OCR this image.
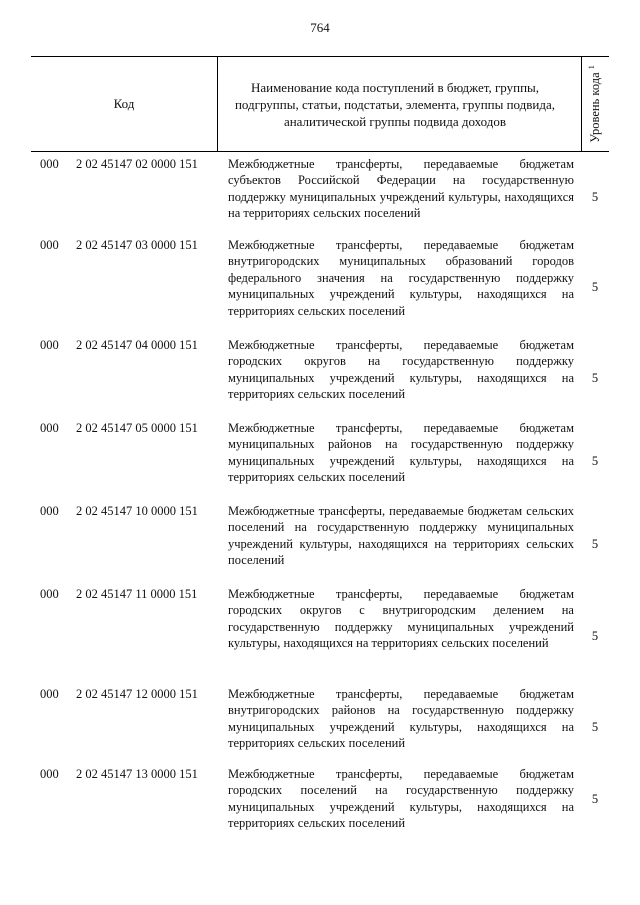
764
Код
Наименование кода поступлений в бюджет, группы, подгруппы, статьи, подстатьи, элемента, группы подвида, аналитической группы подвида доходов	Уровень кода $^1$
000 2 02 45147 02 0000 151 Межбюджетные трансферты, передаваемые бюджетам субъектов Российской Федерации на государственную поддержку муниципальных учреждений культуры, находящихся на территориях сельских поселений
5
000 2 02 45147 03 0000 151 Межбюджетные трансферты, передаваемые бюджетам внутригородских муниципальных образований городов федерального значения на государственную поддержку муниципальных учреждений культуры, находящихся на территориях сельских поселений
5
000 2 02 45147 04 0000 151 Межбюджетные трансферты, передаваемые бюджетам городских округов на государственную поддержку муниципальных учреждений культуры, находящихся на территориях сельских поселений
5
000 2 02 45147 05 0000 151 Межбюджетные трансферты, передаваемые бюджетам муниципальных районов на государственную поддержку муниципальных учреждений культуры, находящихся на территориях сельских поселений
5
000 2 02 45147 10 0000 151 Межбюджетные трансферты, передаваемые бюджетам сельских поселений на государственную поддержку муниципальных учреждений культуры, находящихся на территориях сельских поселений
5
000 2 02 45147 11 0000 151 Межбюджетные трансферты, передаваемые бюджетам городских округов с внутригородским делением на государственную поддержку муниципальных учреждений культуры, находящихся на территориях сельских поселений
5
000 2 02 45147 12 0000 151 Межбюджетные трансферты, передаваемые бюджетам внутригородских районов на государственную поддержку муниципальных учреждений культуры, находящихся на территориях сельских поселений
5
000 2 02 45147 13 0000 151 Межбюджетные трансферты, передаваемые бюджетам городских поселений на государственную поддержку муниципальных учреждений культуры, находящихся на территориях сельских поселений
5
